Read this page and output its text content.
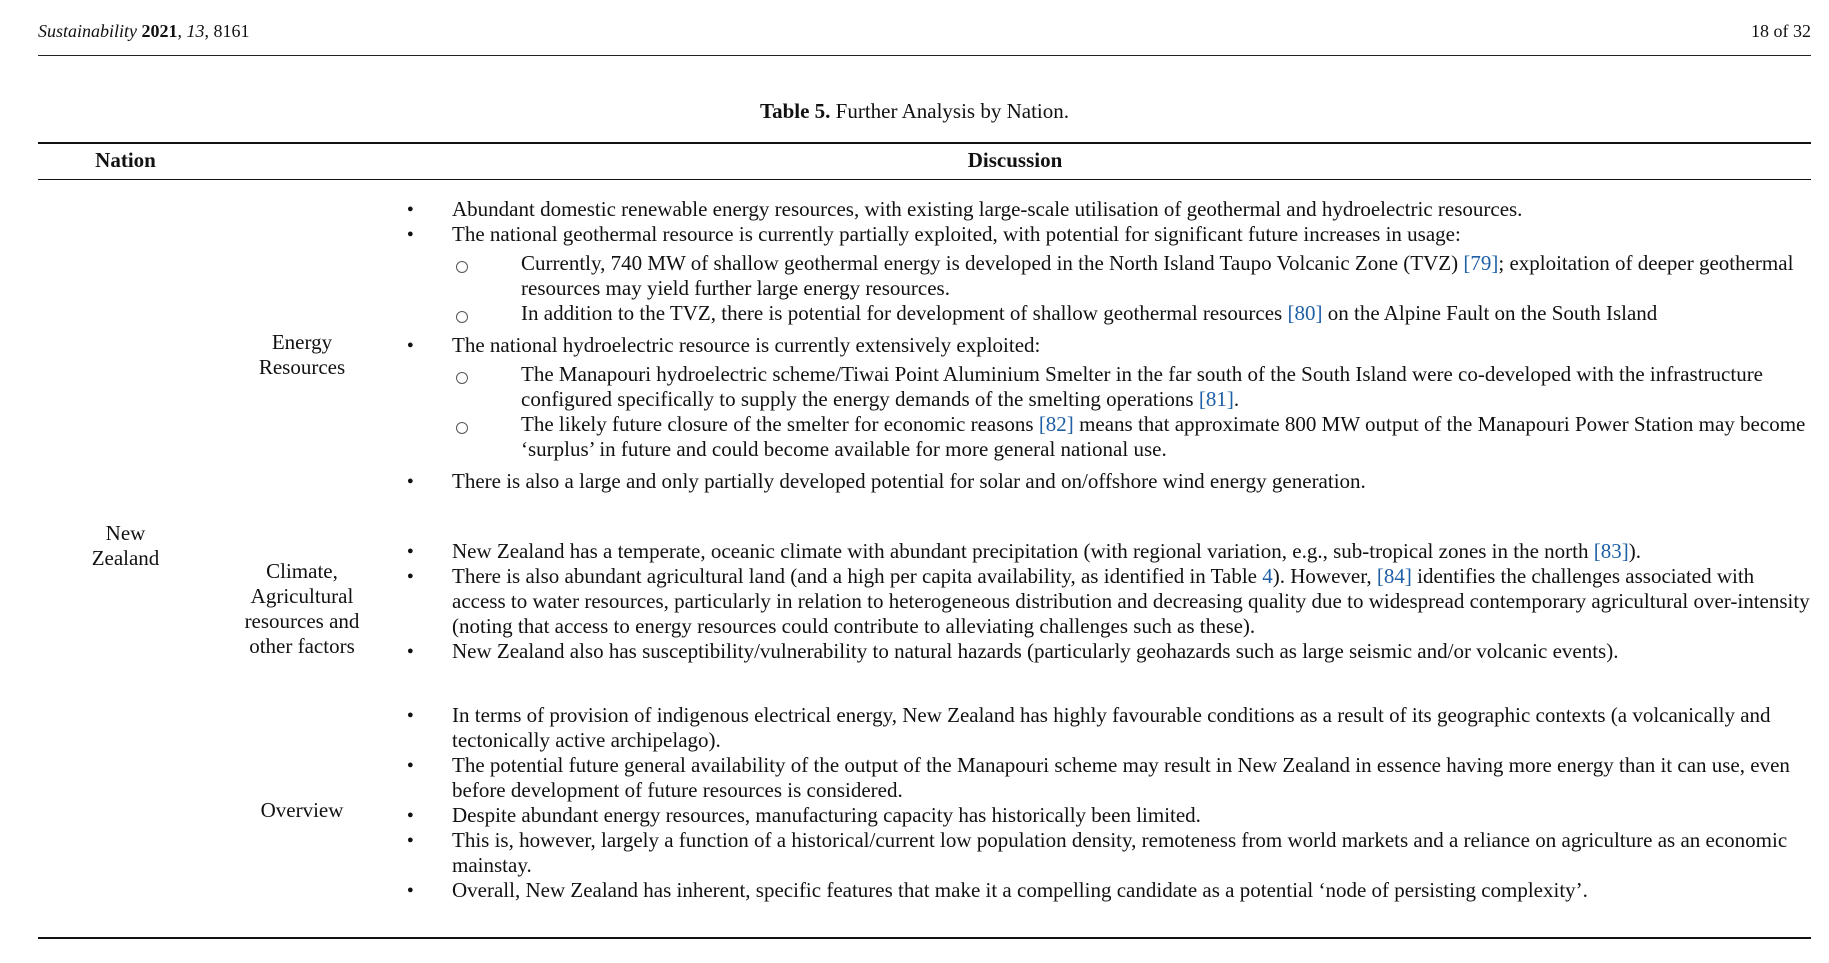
Sustainability 2021, 13, 8161	18 of 32
Table 5. Further Analysis by Nation.
Nation	Discussion
New
Zealand
Energy
Resources
Climate,
Agricultural
resources and
other factors
Overview
● Abundant domestic renewable energy resources, with existing large-scale utilisation of geothermal and hydroelectric resources.
● The national geothermal resource is currently partially exploited, with potential for significant future increases in usage:
Currently, 740 MW of shallow geothermal energy is developed in the North Island Taupo Volcanic Zone (TVZ) [79]; exploitation of deeper geothermal resources may yield further large energy resources.
In addition to the TVZ, there is potential for development of shallow geothermal resources [80] on the Alpine Fault on the South Island
● The national hydroelectric resource is currently extensively exploited:
The Manapouri hydroelectric scheme/Tiwai Point Aluminium Smelter in the far south of the South Island were co-developed with the infrastructure configured specifically to supply the energy demands of the smelting operations [81].
The likely future closure of the smelter for economic reasons [82] means that approximate 800 MW output of the Manapouri Power Station may become ‘surplus’ in future and could become available for more general national use.
● There is also a large and only partially developed potential for solar and on/offshore wind energy generation.
● New Zealand has a temperate, oceanic climate with abundant precipitation (with regional variation, e.g., sub-tropical zones in the north [83]).
● There is also abundant agricultural land (and a high per capita availability, as identified in Table 4). However, [84] identifies the challenges associated with access to water resources, particularly in relation to heterogeneous distribution and decreasing quality due to widespread contemporary agricultural over-intensity (noting that access to energy resources could contribute to alleviating challenges such as these).
● New Zealand also has susceptibility/vulnerability to natural hazards (particularly geohazards such as large seismic and/or volcanic events).
● In terms of provision of indigenous electrical energy, New Zealand has highly favourable conditions as a result of its geographic contexts (a volcanically and tectonically active archipelago).
● The potential future general availability of the output of the Manapouri scheme may result in New Zealand in essence having more energy than it can use, even before development of future resources is considered.
● Despite abundant energy resources, manufacturing capacity has historically been limited.
● This is, however, largely a function of a historical/current low population density, remoteness from world markets and a reliance on agriculture as an economic mainstay.
● Overall, New Zealand has inherent, specific features that make it a compelling candidate as a potential ‘node of persisting complexity’.
